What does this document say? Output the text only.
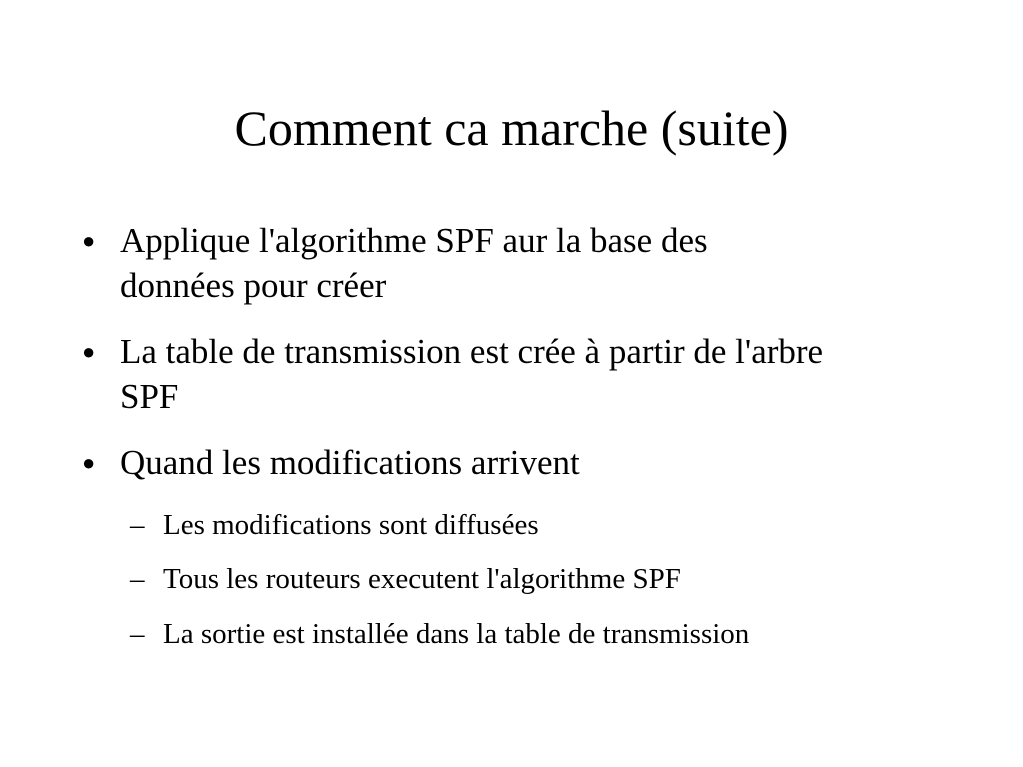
Comment ca marche (suite)
● Applique l'algorithme SPF aur la base des
données pour créer
● La table de transmission est crée à partir de l'arbre
SPF
● Quand les modifications arrivent
– Les modifications sont diffusées
– Tous les routeurs executent l'algorithme SPF
– La sortie est installée dans la table de transmission
